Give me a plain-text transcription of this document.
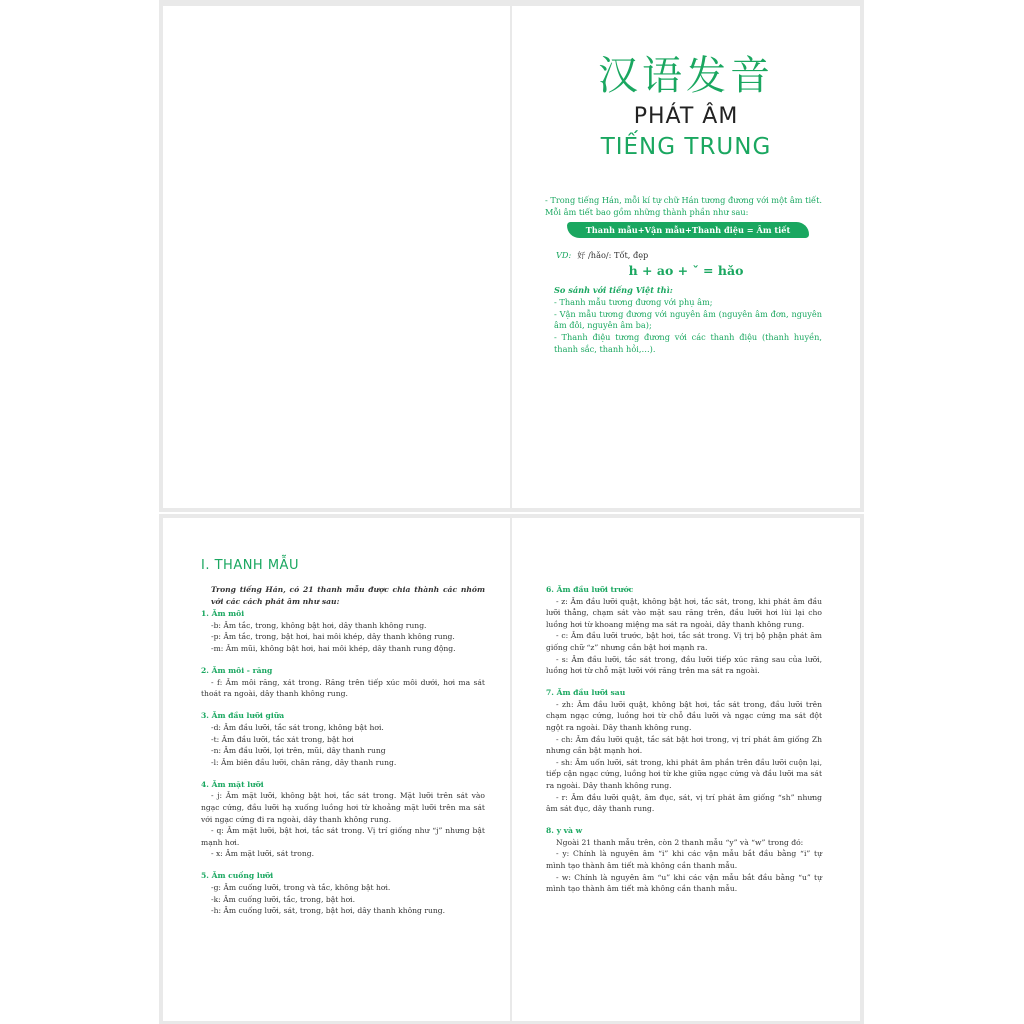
汉语发音
PHÁT ÂM
TIẾNG TRUNG
- Trong tiếng Hán, mỗi kí tự chữ Hán tương đương với một âm tiết. Mỗi âm tiết bao gồm những thành phần như sau:
Thanh mẫu+Vận mẫu+Thanh điệu = Âm tiết
VD: 好 /hǎo/: Tốt, đẹp
h + ao + ˇ = hǎo
So sánh với tiếng Việt thì:
- Thanh mẫu tương đương với phụ âm;
- Vận mẫu tương đương với nguyên âm (nguyên âm đơn, nguyên âm đôi, nguyên âm ba);
- Thanh điệu tương đương với các thanh điệu (thanh huyền, thanh sắc, thanh hỏi,…).
I. THANH MẪU
Trong tiếng Hán, có 21 thanh mẫu được chia thành các nhóm với các cách phát âm như sau:
1. Âm môi
-b: Âm tắc, trong, không bật hơi, dây thanh không rung.
-p: Âm tắc, trong, bật hơi, hai môi khép, dây thanh không rung.
-m: Âm mũi, không bật hơi, hai môi khép, dây thanh rung động.
2. Âm môi - răng
- f: Âm môi răng, xát trong. Răng trên tiếp xúc môi dưới, hơi ma sát thoát ra ngoài, dây thanh không rung.
3. Âm đầu lưỡi giữa
-d: Âm đầu lưỡi, tắc sát trong, không bật hơi.
-t: Âm đầu lưỡi, tắc xát trong, bật hơi
-n: Âm đầu lưỡi, lợi trên, mũi, dây thanh rung
-l: Âm biên đầu lưỡi, chân răng, dây thanh rung.
4. Âm mặt lưỡi
- j: Âm mặt lưỡi, không bật hơi, tắc sát trong. Mặt lưỡi trên sát vào ngạc cứng, đầu lưỡi hạ xuống luồng hơi từ khoảng mặt lưỡi trên ma sát với ngạc cứng đi ra ngoài, dây thanh không rung.
- q: Âm mặt lưỡi, bật hơi, tắc sát trong. Vị trí giống như “j” nhưng bật mạnh hơi.
- x: Âm mặt lưỡi, sát trong.
5. Âm cuống lưỡi
-g: Âm cuống lưỡi, trong và tắc, không bật hơi.
-k: Âm cuống lưỡi, tắc, trong, bật hơi.
-h: Âm cuống lưỡi, sát, trong, bật hơi, dây thanh không rung.
6. Âm đầu lưỡi trước
- z: Âm đầu lưỡi quật, không bật hơi, tắc sát, trong, khi phát âm đầu lưỡi thẳng, chạm sát vào mặt sau răng trên, đầu lưỡi hơi lùi lại cho luồng hơi từ khoang miệng ma sát ra ngoài, dây thanh không rung.
- c: Âm đầu lưỡi trước, bật hơi, tắc sát trong. Vị trị bộ phận phát âm giống chữ “z” nhưng cần bật hơi mạnh ra.
- s: Âm đầu lưỡi, tắc sát trong, đầu lưỡi tiếp xúc răng sau của lưỡi, luồng hơi từ chỗ mặt lưỡi với răng trên ma sát ra ngoài.
7. Âm đầu lưỡi sau
- zh: Âm đầu lưỡi quật, không bật hơi, tắc sát trong, đầu lưỡi trên chạm ngạc cứng, luồng hơi từ chỗ đầu lưỡi và ngạc cứng ma sát đột ngột ra ngoài. Dây thanh không rung.
- ch: Âm đầu lưỡi quật, tắc sát bật hơi trong, vị trí phát âm giống Zh nhưng cần bật mạnh hơi.
- sh: Âm uốn lưỡi, sát trong, khi phát âm phần trên đầu lưỡi cuộn lại, tiếp cận ngạc cứng, luồng hơi từ khe giữa ngạc cứng và đầu lưỡi ma sát ra ngoài. Dây thanh không rung.
- r: Âm đầu lưỡi quật, âm đục, sát, vị trí phát âm giống “sh” nhưng âm sát đục, dây thanh rung.
8. y và w
Ngoài 21 thanh mẫu trên, còn 2 thanh mẫu “y” và “w” trong đó:
- y: Chính là nguyên âm “i” khi các vận mẫu bắt đầu bằng “i” tự mình tạo thành âm tiết mà không cần thanh mẫu.
- w: Chính là nguyên âm “u” khi các vận mẫu bắt đầu bằng “u” tự mình tạo thành âm tiết mà không cần thanh mẫu.
